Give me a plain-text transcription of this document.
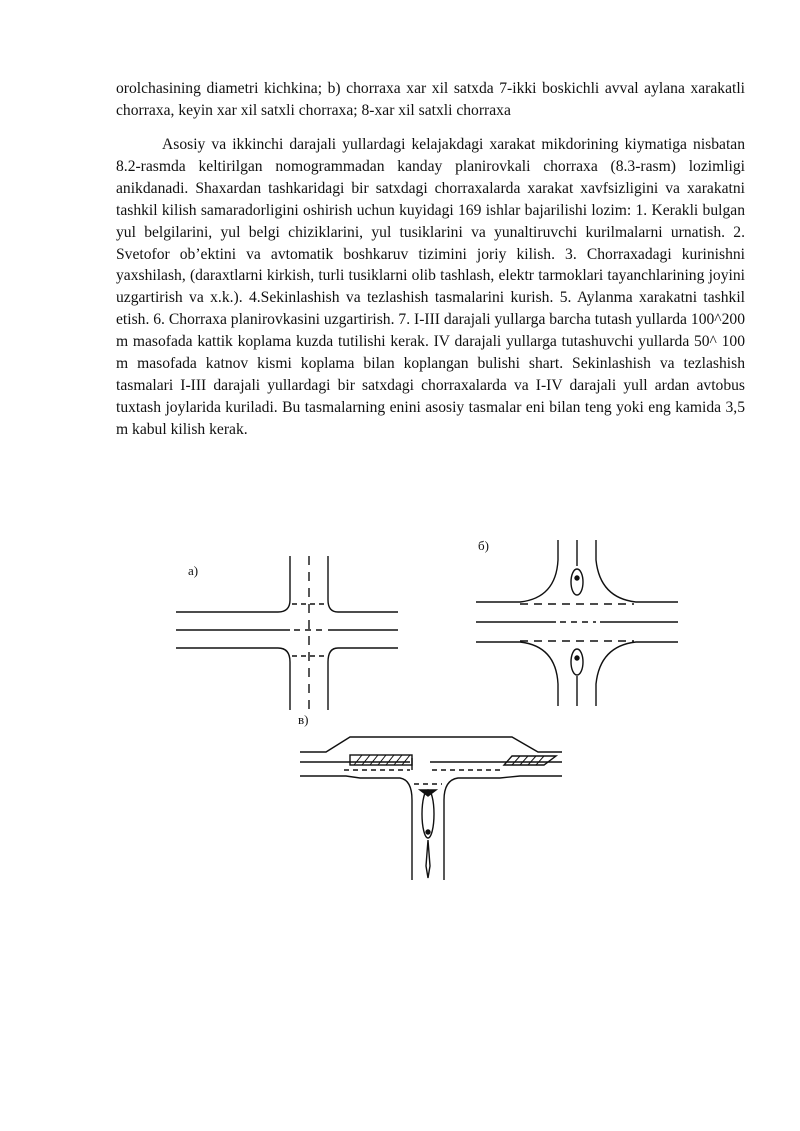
orolchasining diametri kichkina; b) chorraxa xar xil satxda 7-ikki boskichli avval aylana xarakatli chorraxa, keyin xar xil satxli chorraxa; 8-xar xil satxli chorraxa
Asosiy va ikkinchi darajali yullardagi kelajakdagi xarakat mikdorining kiymatiga nisbatan 8.2-rasmda keltirilgan nomogrammadan kanday planirovkali chorraxa (8.3-rasm) lozimligi anikdanadi. Shaxardan tashkaridagi bir satxdagi chorraxalarda xarakat xavfsizligini va xarakatni tashkil kilish samaradorligini oshirish uchun kuyidagi 169 ishlar bajarilishi lozim: 1. Kerakli bulgan yul belgilarini, yul belgi chiziklarini, yul tusiklarini va yunaltiruvchi kurilmalarni urnatish. 2. Svetofor ob’ektini va avtomatik boshkaruv tizimini joriy kilish. 3. Chorraxadagi kurinishni yaxshilash, (daraxtlarni kirkish, turli tusiklarni olib tashlash, elektr tarmoklari tayanchlarining joyini uzgartirish va x.k.). 4.Sekinlashish va tezlashish tasmalarini kurish. 5. Aylanma xarakatni tashkil etish. 6. Chorraxa planirovkasini uzgartirish. 7. I-III darajali yullarga barcha tutash yullarda 100^200 m masofada kattik koplama kuzda tutilishi kerak. IV darajali yullarga tutashuvchi yullarda 50^ 100 m masofada katnov kismi koplama bilan koplangan bulishi shart. Sekinlashish va tezlashish tasmalari I-III darajali yullardagi bir satxdagi chorraxalarda va I-IV darajali yull ardan avtobus tuxtash joylarida kuriladi. Bu tasmalarning enini asosiy tasmalar eni bilan teng yoki eng kamida 3,5 m kabul kilish kerak.
a)
б)
в)
